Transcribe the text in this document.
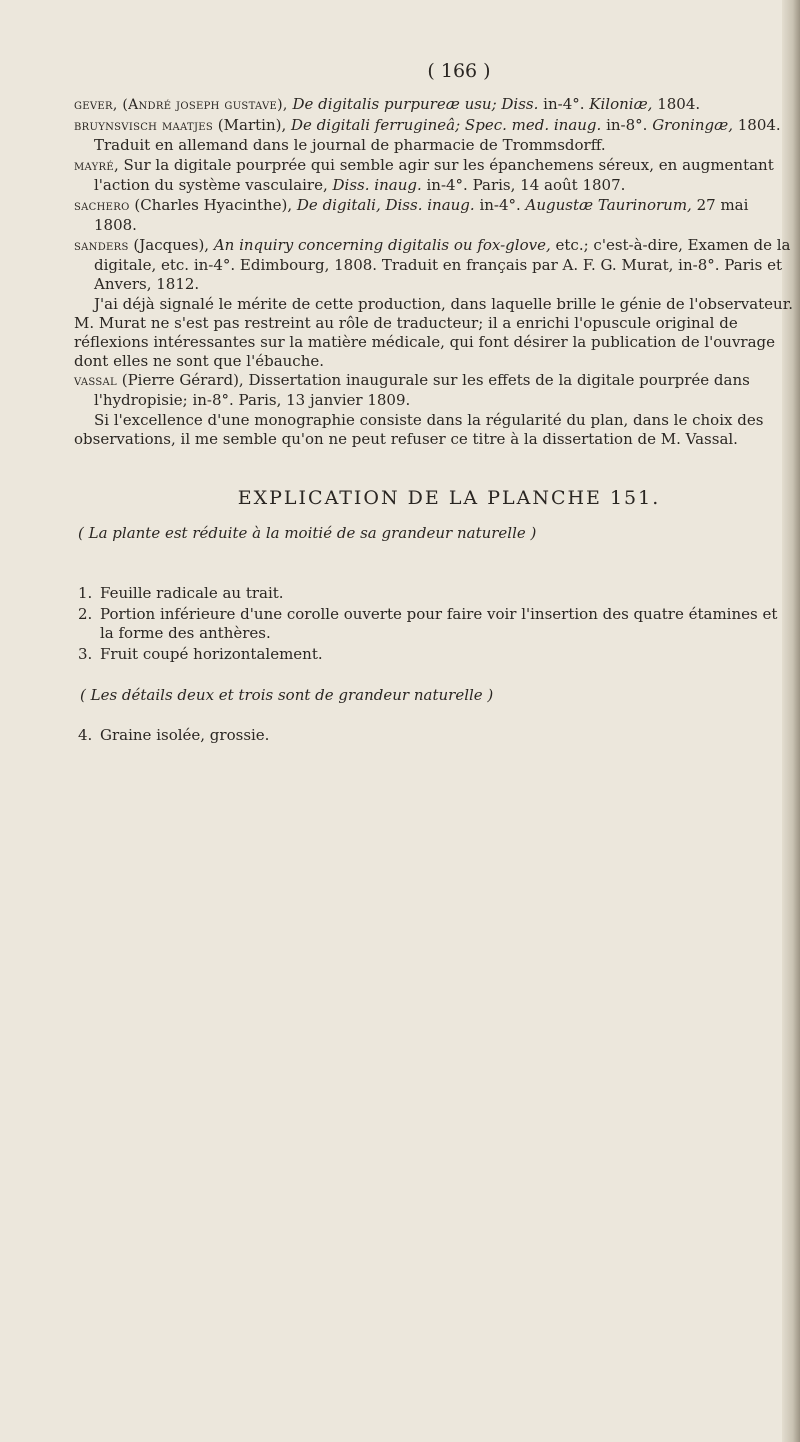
( 166 )

gever, (André joseph gustave), De digitalis purpureæ usu; Diss. in-4°. Kiloniæ, 1804.

bruynsvisch maatjes (Martin), De digitali ferrugineâ; Spec. med. inaug. in-8°. Groningæ, 1804. Traduit en allemand dans le journal de pharmacie de Trommsdorff.

mayré, Sur la digitale pourprée qui semble agir sur les épanchemens séreux, en augmentant l'action du système vasculaire, Diss. inaug. in-4°. Paris, 14 août 1807.

sachero (Charles Hyacinthe), De digitali, Diss. inaug. in-4°. Augustæ Taurinorum, 27 mai 1808.

sanders (Jacques), An inquiry concerning digitalis ou fox-glove, etc.; c'est-à-dire, Examen de la digitale, etc. in-4°. Edimbourg, 1808. Traduit en français par A. F. G. Murat, in-8°. Paris et Anvers, 1812.

J'ai déjà signalé le mérite de cette production, dans laquelle brille le génie de l'observateur. M. Murat ne s'est pas restreint au rôle de traducteur; il a enrichi l'opuscule original de réflexions intéressantes sur la matière médicale, qui font désirer la publication de l'ouvrage dont elles ne sont que l'ébauche.

vassal (Pierre Gérard), Dissertation inaugurale sur les effets de la digitale pourprée dans l'hydropisie; in-8°. Paris, 13 janvier 1809.

Si l'excellence d'une monographie consiste dans la régularité du plan, dans le choix des observations, il me semble qu'on ne peut refuser ce titre à la dissertation de M. Vassal.

EXPLICATION DE LA PLANCHE 151.
( La plante est réduite à la moitié de sa grandeur naturelle )

1. Feuille radicale au trait.

2. Portion inférieure d'une corolle ouverte pour faire voir l'insertion des quatre étamines et la forme des anthères.

3. Fruit coupé horizontalement.

( Les détails deux et trois sont de grandeur naturelle )

4. Graine isolée, grossie.
